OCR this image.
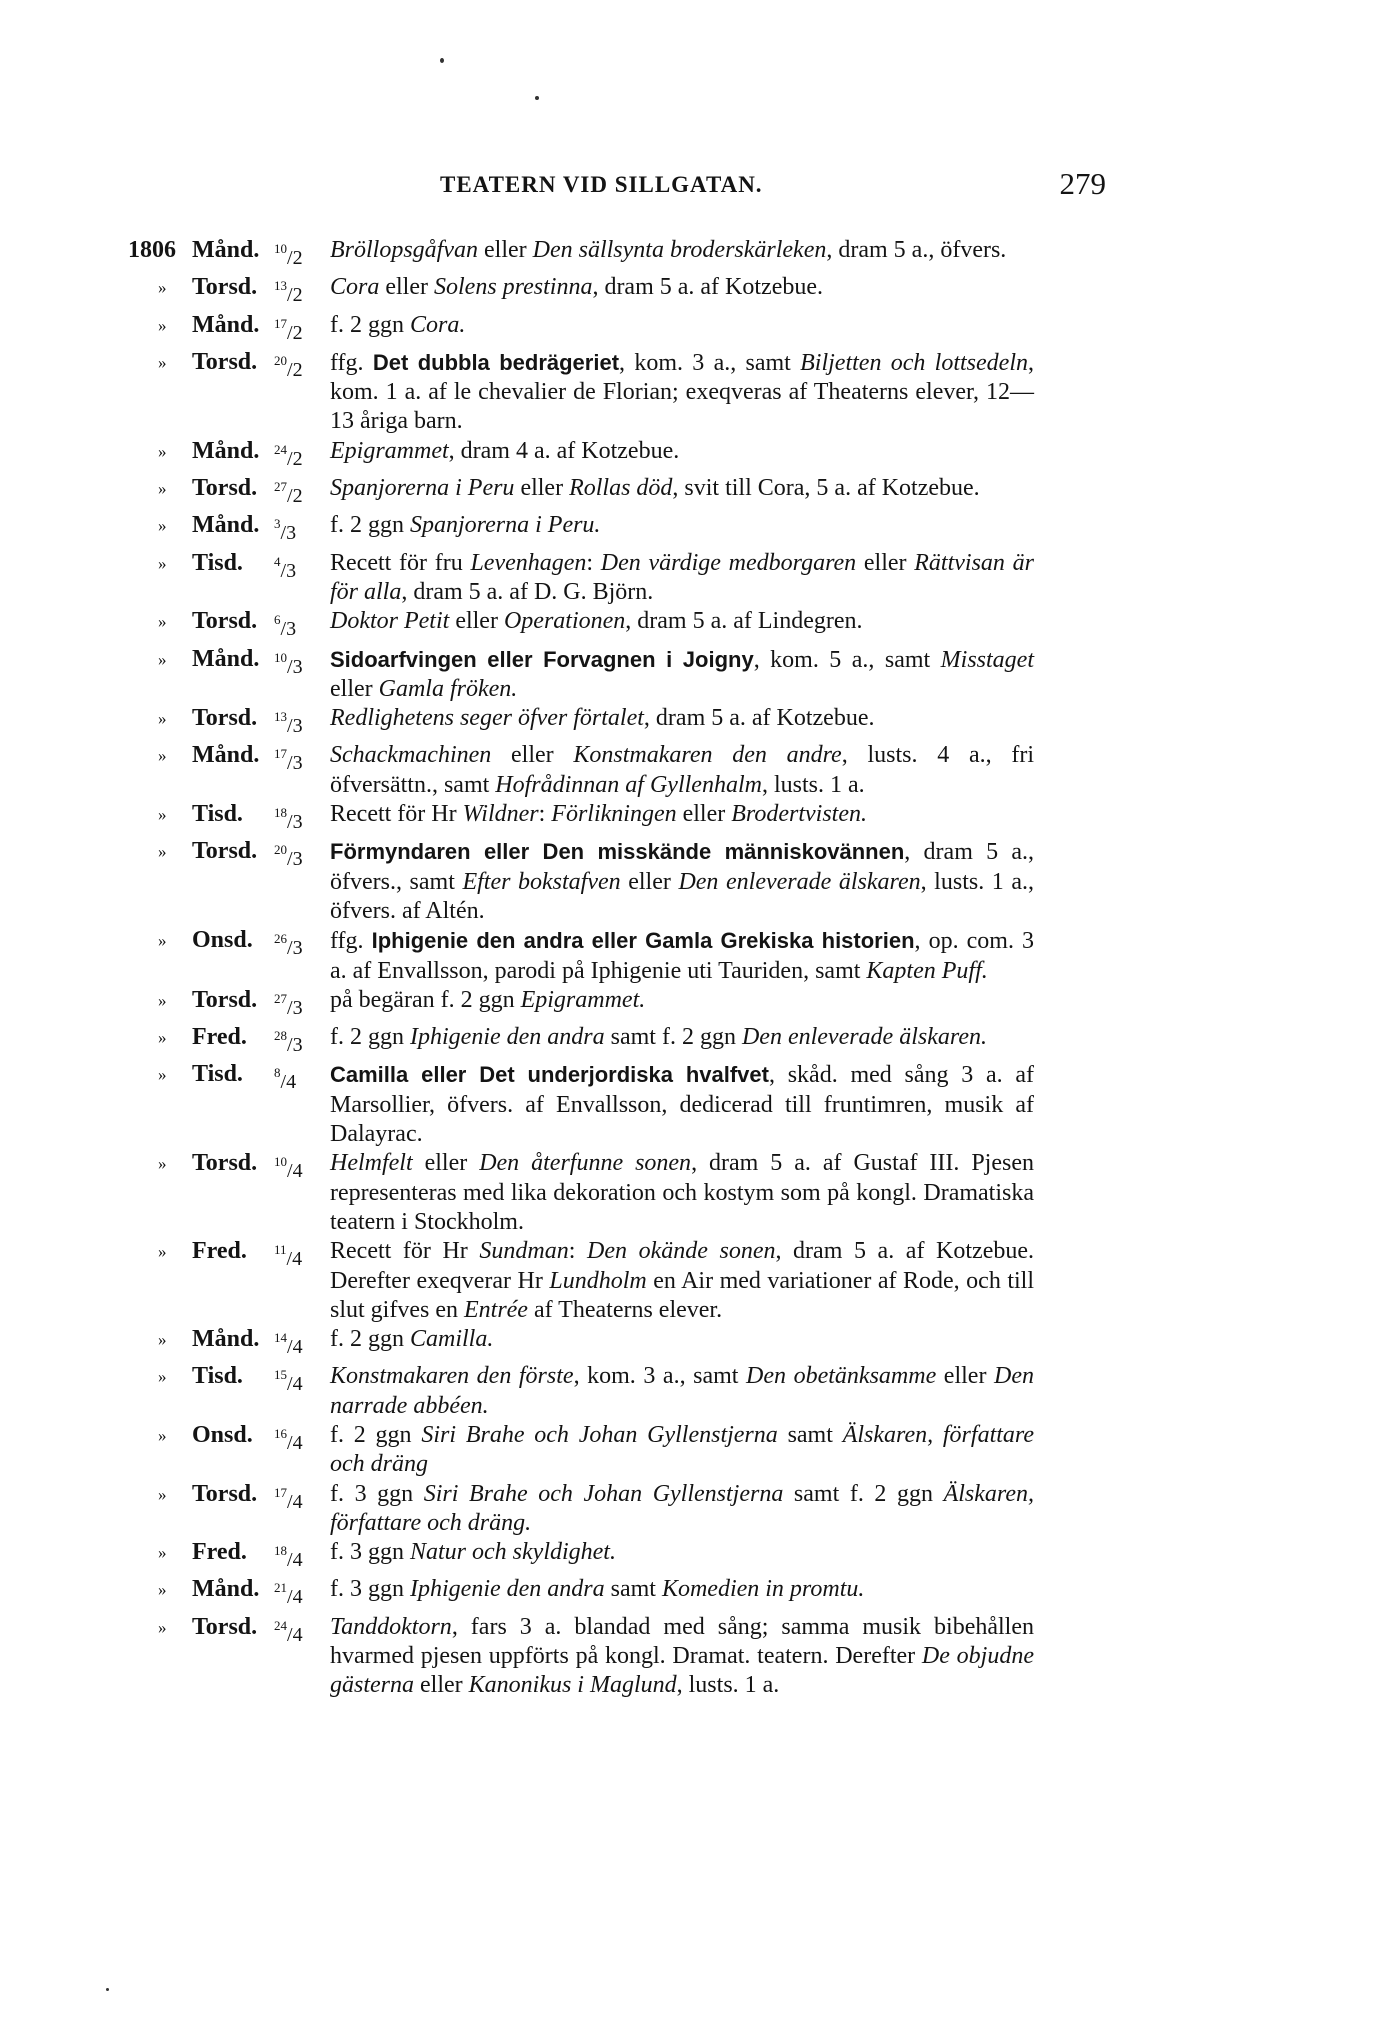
TEATERN VID SILLGATAN.	279
1806 Månd.	$^{10}$/2	Bröllopsgåfvan eller Den sällsynta broderskärleken, dram 5 a., öfvers.
»	Torsd.	$^{13}$/2	Cora eller Solens prestinna, dram 5 a. af Kotzebue.
»	Månd.	$^{17}$/2	f. 2 ggn Cora.
»	Torsd.	$^{20}$/2	ffg. Det dubbla bedrägeriet, kom. 3 a., samt Biljetten och lottsedeln, kom. 1 a. af le chevalier de Florian; exeqveras af Theaterns elever, 12—13 åriga barn.
»	Månd.	$^{24}$/2	Epigrammet, dram 4 a. af Kotzebue.
»	Torsd.	$^{27}$/2	Spanjorerna i Peru eller Rollas död, svit till Cora, 5 a. af Kotzebue.
»	Månd.	$^3$/3	f. 2 ggn Spanjorerna i Peru.
»	Tisd.	$^4$/3	Recett för fru Levenhagen: Den värdige medborgaren eller Rättvisan är för alla, dram 5 a. af D. G. Björn.
»	Torsd.	$^6$/3	Doktor Petit eller Operationen, dram 5 a. af Lindegren.
»	Månd.	$^{10}$/3	Sidoarfvingen eller Forvagnen i Joigny, kom. 5 a., samt Misstaget eller Gamla fröken.
»	Torsd.	$^{13}$/3	Redlighetens seger öfver förtalet, dram 5 a. af Kotzebue.
»	Månd.	$^{17}$/3	Schackmachinen eller Konstmakaren den andre, lusts. 4 a., fri öfversättn., samt Hofrådinnan af Gyllenhalm, lusts. 1 a.
»	Tisd.	$^{18}$/3	Recett för Hr Wildner: Förlikningen eller Brodertvisten.
»	Torsd.	$^{20}$/3	Förmyndaren eller Den misskände människovännen, dram 5 a., öfvers., samt Efter bokstafven eller Den enleverade älskaren, lusts. 1 a., öfvers. af Altén.
»	Onsd.	$^{26}$/3	ffg. Iphigenie den andra eller Gamla Grekiska historien, op. com. 3 a. af Envallsson, parodi på Iphigenie uti Tauriden, samt Kapten Puff.
»	Torsd.	$^{27}$/3	på begäran f. 2 ggn Epigrammet.
»	Fred.	$^{28}$/3	f. 2 ggn Iphigenie den andra samt f. 2 ggn Den enleverade älskaren.
»	Tisd.	$^8$/4	Camilla eller Det underjordiska hvalfvet, skåd. med sång 3 a. af Marsollier, öfvers. af Envallsson, dedicerad till fruntimren, musik af Dalayrac.
»	Torsd.	$^{10}$/4	Helmfelt eller Den återfunne sonen, dram 5 a. af Gustaf III. Pjesen representeras med lika dekoration och kostym som på kongl. Dramatiska teatern i Stockholm.
»	Fred.	$^{11}$/4	Recett för Hr Sundman: Den okände sonen, dram 5 a. af Kotzebue. Derefter exeqverar Hr Lundholm en Air med variationer af Rode, och till slut gifves en Entrée af Theaterns elever.
»	Månd.	$^{14}$/4	f. 2 ggn Camilla.
»	Tisd.	$^{15}$/4	Konstmakaren den förste, kom. 3 a., samt Den obetänksamme eller Den narrade abbéen.
»	Onsd.	$^{16}$/4	f. 2 ggn Siri Brahe och Johan Gyllenstjerna samt Älskaren, författare och dräng
»	Torsd.	$^{17}$/4	f. 3 ggn Siri Brahe och Johan Gyllenstjerna samt f. 2 ggn Älskaren, författare och dräng.
»	Fred.	$^{18}$/4	f. 3 ggn Natur och skyldighet.
»	Månd.	$^{21}$/4	f. 3 ggn Iphigenie den andra samt Komedien in promtu.
»	Torsd.	$^{24}$/4	Tanddoktorn, fars 3 a. blandad med sång; samma musik bibehållen hvarmed pjesen uppförts på kongl. Dramat. teatern. Derefter De objudne gästerna eller Kanonikus i Maglund, lusts. 1 a.
